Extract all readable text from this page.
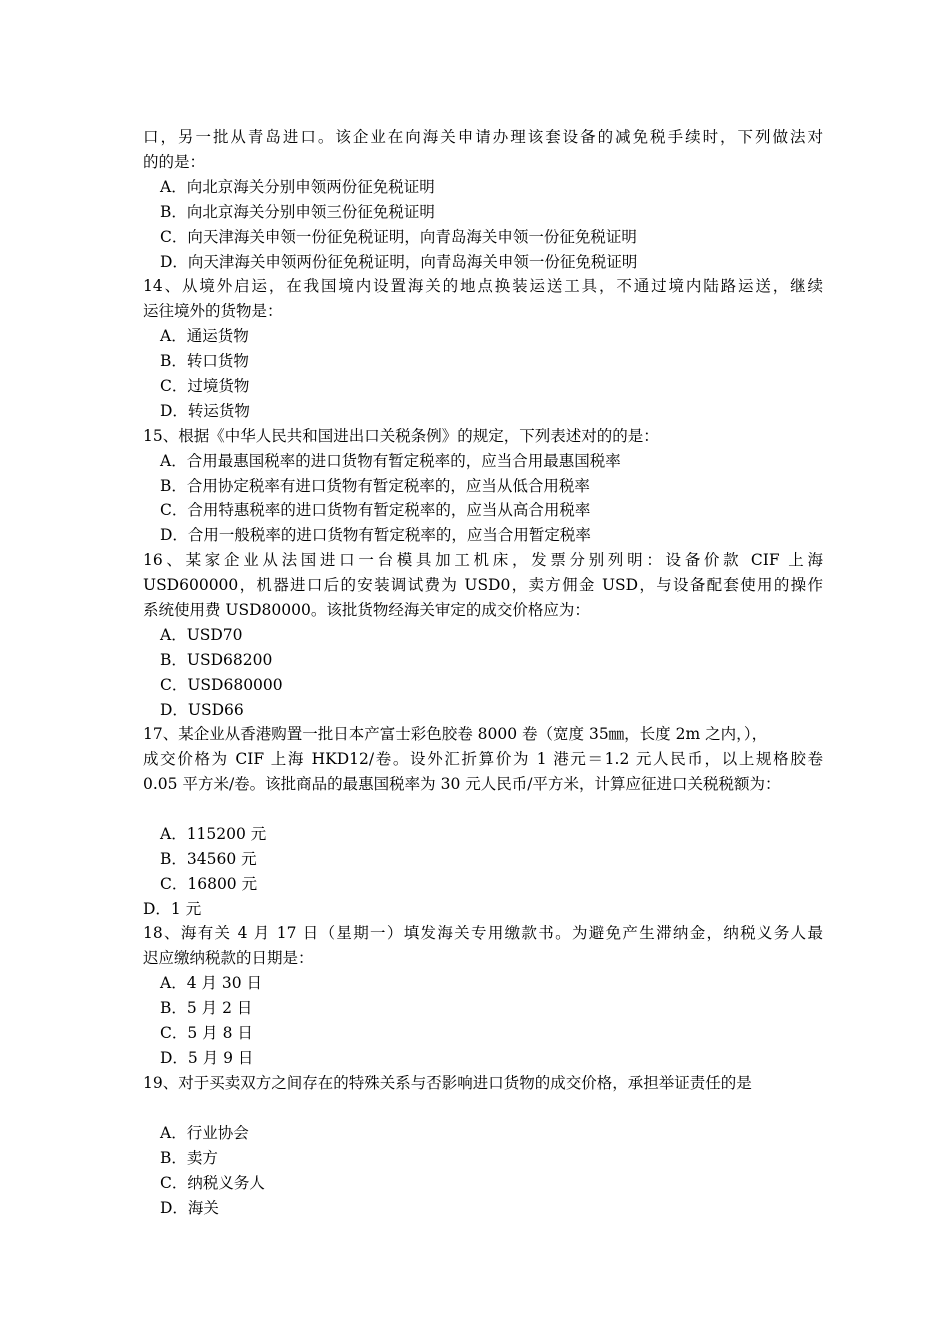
口，另一批从青岛进口。该企业在向海关申请办理该套设备的减免税手续时，下列做法对
的的是：
A．向北京海关分别申领两份征免税证明
B．向北京海关分别申领三份征免税证明
C．向天津海关申领一份征免税证明，向青岛海关申领一份征免税证明
D．向天津海关申领两份征免税证明，向青岛海关申领一份征免税证明
14、从境外启运，在我国境内设置海关的地点换装运送工具，不通过境内陆路运送，继续
运往境外的货物是：
A．通运货物
B．转口货物
C．过境货物
D．转运货物
15、根据《中华人民共和国进出口关税条例》的规定，下列表述对的的是：
A．合用最惠国税率的进口货物有暂定税率的，应当合用最惠国税率
B．合用协定税率有进口货物有暂定税率的，应当从低合用税率
C．合用特惠税率的进口货物有暂定税率的，应当从高合用税率
D．合用一般税率的进口货物有暂定税率的，应当合用暂定税率
16、某家企业从法国进口一台模具加工机床，发票分别列明：设备价款 CIF 上海
USD600000，机器进口后的安装调试费为 USD0，卖方佣金 USD，与设备配套使用的操作
系统使用费 USD80000。该批货物经海关审定的成交价格应为：
A．USD70
B．USD68200
C．USD680000
D．USD66
17、某企业从香港购置一批日本产富士彩色胶卷 8000 卷（宽度 35㎜，长度 2m 之内，），
成交价格为 CIF 上海 HKD12/卷。设外汇折算价为 1 港元＝1.2 元人民币，以上规格胶卷
0.05 平方米/卷。该批商品的最惠国税率为 30 元人民币/平方米，计算应征进口关税税额为：
A．115200 元
B．34560 元
C．16800 元
D．1 元
18、海有关 4 月 17 日（星期一）填发海关专用缴款书。为避免产生滞纳金，纳税义务人最
迟应缴纳税款的日期是：
A．4 月 30 日
B．5 月 2 日
C．5 月 8 日
D．5 月 9 日
19、对于买卖双方之间存在的特殊关系与否影响进口货物的成交价格，承担举证责任的是
A．行业协会
B．卖方
C．纳税义务人
D．海关
